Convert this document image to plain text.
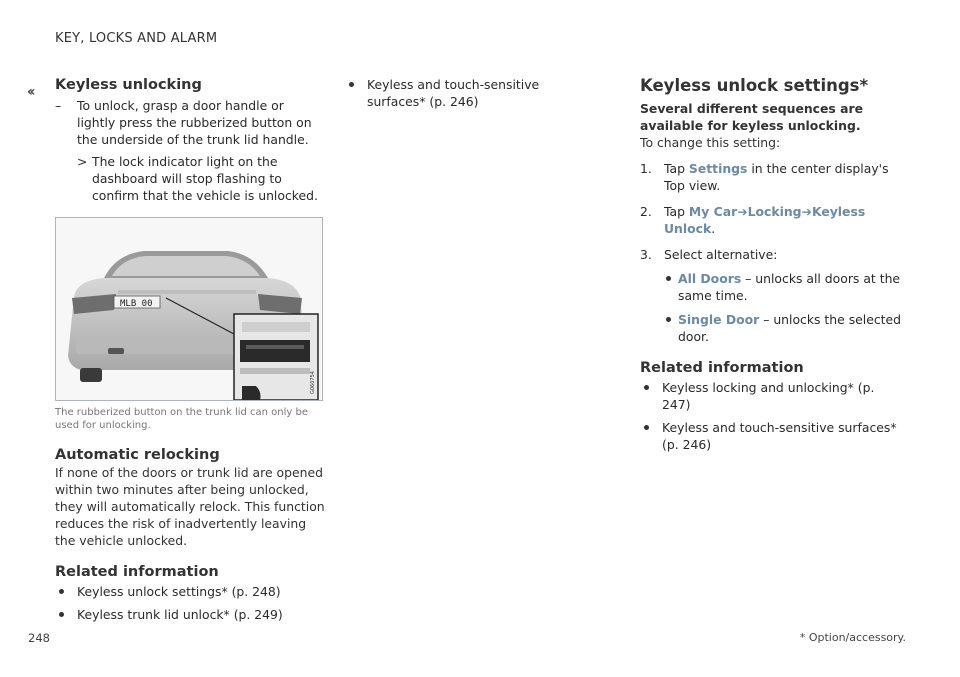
KEY, LOCKS AND ALARM
‹‹ Keyless unlocking
– To unlock, grasp a door handle or lightly press the rubberized button on the underside of the trunk lid handle.
> The lock indicator light on the dashboard will stop flashing to confirm that the vehicle is unlocked.
MLB 00
G060754
The rubberized button on the trunk lid can only be used for unlocking.
Automatic relocking

If none of the doors or trunk lid are opened within two minutes after being unlocked, they will automatically relock. This function reduces the risk of inadvertently leaving the vehicle unlocked.

Related information
Keyless unlock settings* (p. 248)
Keyless trunk lid unlock* (p. 249)
Keyless and touch-sensitive surfaces* (p. 246)
Keyless unlock settings*

Several different sequences are available for keyless unlocking.

To change this setting:

1. Tap Settings in the center display's Top view.
2. Tap My Car➔Locking➔Keyless Unlock.
3. Select alternative:
All Doors – unlocks all doors at the same time.
Single Door – unlocks the selected door.
Related information
Keyless locking and unlocking* (p. 247)
Keyless and touch-sensitive surfaces* (p. 246)
248	* Option/accessory.
